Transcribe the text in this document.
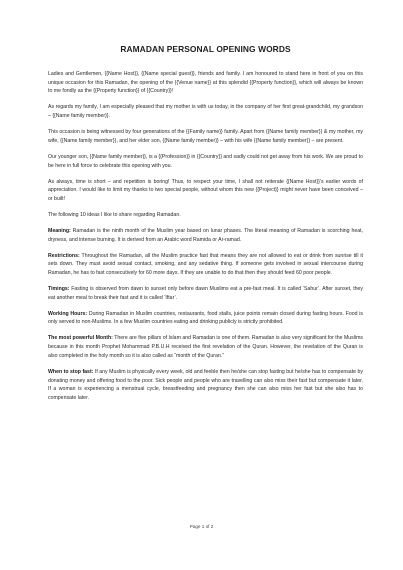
RAMADAN PERSONAL OPENING WORDS

Ladies and Gentlemen, {{Name Host}}, {{Name special guest}}, friends and family. I am honoured to stand here in front of you on this unique occasion for this Ramadan, the opening of the {{Venue name}} at this splendid {{Property function}}, which will always be known to me fondly as the {{Property function}} of {{Country}}!

As regards my family, I am especially pleased that my mother is with us today, in the company of her first great-grandchild, my grandson – {{Name family member}}.

This occasion is being witnessed by four generations of the {{Family name}} family. Apart from {{Name family member}} & my mother, my wife, {{Name family member}}, and her elder son, {{Name family member}} – with his wife {{Name family member}} – are present.

Our younger son, {{Name family member}}, is a {{Profession}} in {{Country}} and sadly could not get away from his work. We are proud to be here in full force to celebrate this opening with you.

As always, time is short – and repetition is boring! Thus, to respect your time, I shall not reiterate {{Name Host}}’s earlier words of appreciation. I would like to limit my thanks to two special people, without whom this new {{Project}} might never have been conceived – or built!

The following 10 ideas I like to share regarding Ramadan.

Meaning: Ramadan is the ninth month of the Muslim year based on lunar phases. The literal meaning of Ramadan is scorching heat, dryness, and intense burning. It is derived from an Arabic word Ramida or Ar-ramad.

Restrictions: Throughout the Ramadan, all the Muslim practice fast that means they are not allowed to eat or drink from sunrise till it sets down. They must avoid sexual contact, smoking, and any sedative thing. If someone gets involved in sexual intercourse during Ramadan, he has to fast consecutively for 60 more days. If they are unable to do that then they should feed 60 poor people.

Timings: Fasting is observed from dawn to sunset only before dawn Muslims eat a pre-fast meal. It is called ‘Sahur’. After sunset, they eat another meal to break their fast and it is called ‘Iftar’.

Working Hours: During Ramadan in Muslim countries, restaurants, food stalls, juice points remain closed during fasting hours. Food is only served to non-Muslims. In a few Muslim countries eating and drinking publicly is strictly prohibited.

The most powerful Month: There are five pillars of Islam and Ramadan is one of them. Ramadan is also very significant for the Muslims because in this month Prophet Mohammad P.B.U.H received the first revelation of the Quran. However, the revelation of the Quran is also completed in the holy month so it is also called as “month of the Quran.”

When to stop fast: If any Muslim is physically every week, old and feeble then he/she can stop fasting but he/she has to compensate by donating money and offering food to the poor. Sick people and people who are travelling can also miss their fast but compensate it later. If a woman is experiencing a menstrual cycle, breastfeeding and pregnancy then she can also miss her fast but she also has to compensate later.

Page 1 of 2
